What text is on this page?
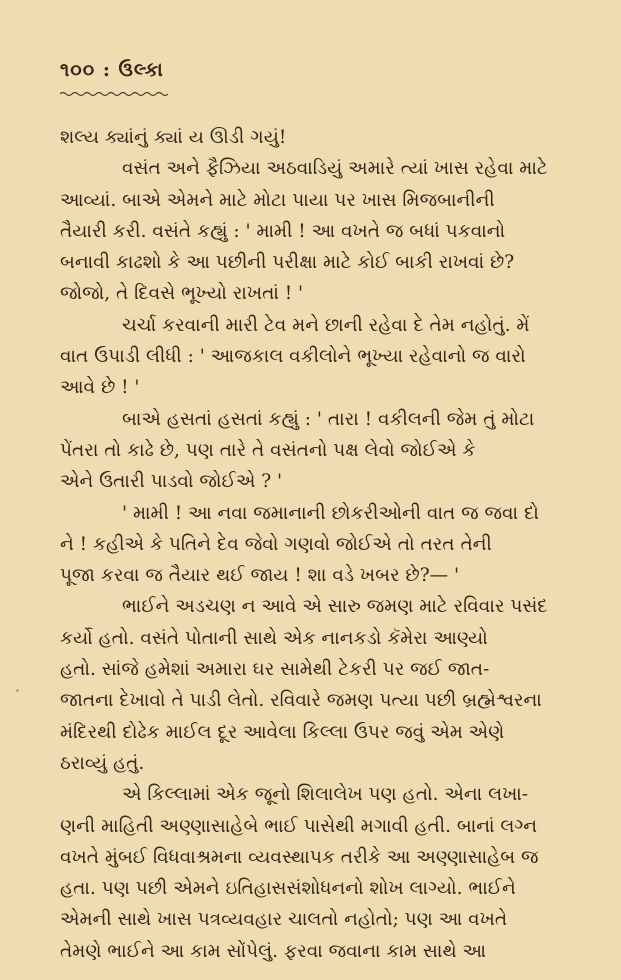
૧૦૦ : ઉલ્કા
શલ્ય ક્યાંનું ક્યાં ય ઊડી ગયું!
વસંત અને ફૈઝિયા અઠવાડિયું અમારે ત્યાં ખાસ રહેવા માટે
આવ્યાં. બાએ એમને માટે મોટા પાયા પર ખાસ મિજબાનીની
તૈયારી કરી. વસંતે કહ્યું : ' મામી ! આ વખતે જ બધાં પકવાનો
બનાવી કાઢશો કે આ પછીની પરીક્ષા માટે કોઈ બાકી રાખવાં છે?
જોજો, તે દિવસે ભૂખ્યો રાખતાં ! '
ચર્ચા કરવાની મારી ટેવ મને છાની રહેવા દે તેમ નહોતું. મેં
વાત ઉપાડી લીધી : ' આજકાલ વકીલોને ભૂખ્યા રહેવાનો જ વારો
આવે છે ! '
બાએ હસતાં હસતાં કહ્યું : ' તારા ! વકીલની જેમ તું મોટા
પેંતરા તો કાઢે છે, પણ તારે તે વસંતનો પક્ષ લેવો જોઈએ કે
એને ઉતારી પાડવો જોઈએ ? '
' મામી ! આ નવા જમાનાની છોકરીઓની વાત જ જવા દો
ને ! કહીએ કે પતિને દેવ જેવો ગણવો જોઈએ તો તરત તેની
પૂજા કરવા જ તૈયાર થઈ જાય ! શા વડે ખબર છે?— '
ભાઈને અડચણ ન આવે એ સારુ જમણ માટે રવિવાર પસંદ
કર્યો હતો. વસંતે પોતાની સાથે એક નાનકડો કૅમેરા આણ્યો
હતો. સાંજે હમેશાં અમારા ઘર સામેથી ટેકરી પર જઈ જાત-
જાતના દેખાવો તે પાડી લેતો. રવિવારે જમણ પત્યા પછી બ્રહ્મેશ્વરના
મંદિરથી દોઢેક માઈલ દૂર આવેલા કિલ્લા ઉપર જવું એમ એણે
ઠરાવ્યું હતું.
એ કિલ્લામાં એક જૂનો શિલાલેખ પણ હતો. એના લખા-
ણની માહિતી અણ્ણાસાહેબે ભાઈ પાસેથી મગાવી હતી. બાનાં લગ્ન
વખતે મુંબઈ વિધવાશ્રમના વ્યવસ્થાપક તરીકે આ અણ્ણાસાહેબ જ
હતા. પણ પછી એમને ઇતિહાસસંશોધનનો શોખ લાગ્યો. ભાઈને
એમની સાથે ખાસ પત્રવ્યવહાર ચાલતો નહોતો; પણ આ વખતે
તેમણે ભાઈને આ કામ સોંપેલું. ફરવા જવાના કામ સાથે આ
